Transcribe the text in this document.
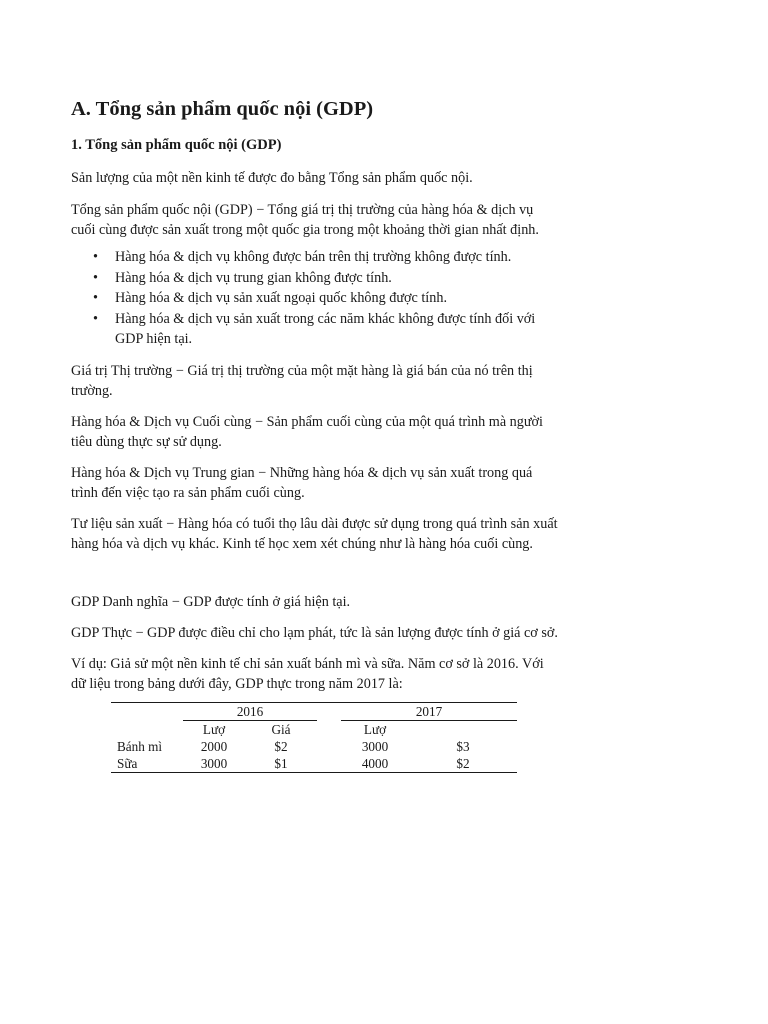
A. Tổng sản phẩm quốc nội (GDP)
1. Tổng sản phẩm quốc nội (GDP)

Sản lượng của một nền kinh tế được đo bằng Tổng sản phẩm quốc nội.

Tổng sản phẩm quốc nội (GDP) − Tổng giá trị thị trường của hàng hóa & dịch vụ cuối cùng được sản xuất trong một quốc gia trong một khoảng thời gian nhất định.

• Hàng hóa & dịch vụ không được bán trên thị trường không được tính.
• Hàng hóa & dịch vụ trung gian không được tính.
• Hàng hóa & dịch vụ sản xuất ngoại quốc không được tính.
• Hàng hóa & dịch vụ sản xuất trong các năm khác không được tính đối với GDP hiện tại.

Giá trị Thị trường − Giá trị thị trường của một mặt hàng là giá bán của nó trên thị trường.

Hàng hóa & Dịch vụ Cuối cùng − Sản phẩm cuối cùng của một quá trình mà người tiêu dùng thực sự sử dụng.

Hàng hóa & Dịch vụ Trung gian − Những hàng hóa & dịch vụ sản xuất trong quá trình đến việc tạo ra sản phẩm cuối cùng.

Tư liệu sản xuất − Hàng hóa có tuổi thọ lâu dài được sử dụng trong quá trình sản xuất hàng hóa và dịch vụ khác. Kinh tế học xem xét chúng như là hàng hóa cuối cùng.

GDP Danh nghĩa − GDP được tính ở giá hiện tại.

GDP Thực − GDP được điều chỉ cho lạm phát, tức là sản lượng được tính ở giá cơ sở.

Ví dụ: Giả sử một nền kinh tế chỉ sản xuất bánh mì và sữa. Năm cơ sở là 2016. Với dữ liệu trong bảng dưới đây, GDP thực trong năm 2017 là:

	2016			2017	
	Lượ	Giá		Lượ	
Bánh mì	2000	$2		3000	$3
Sữa	3000	$1		4000	$2
